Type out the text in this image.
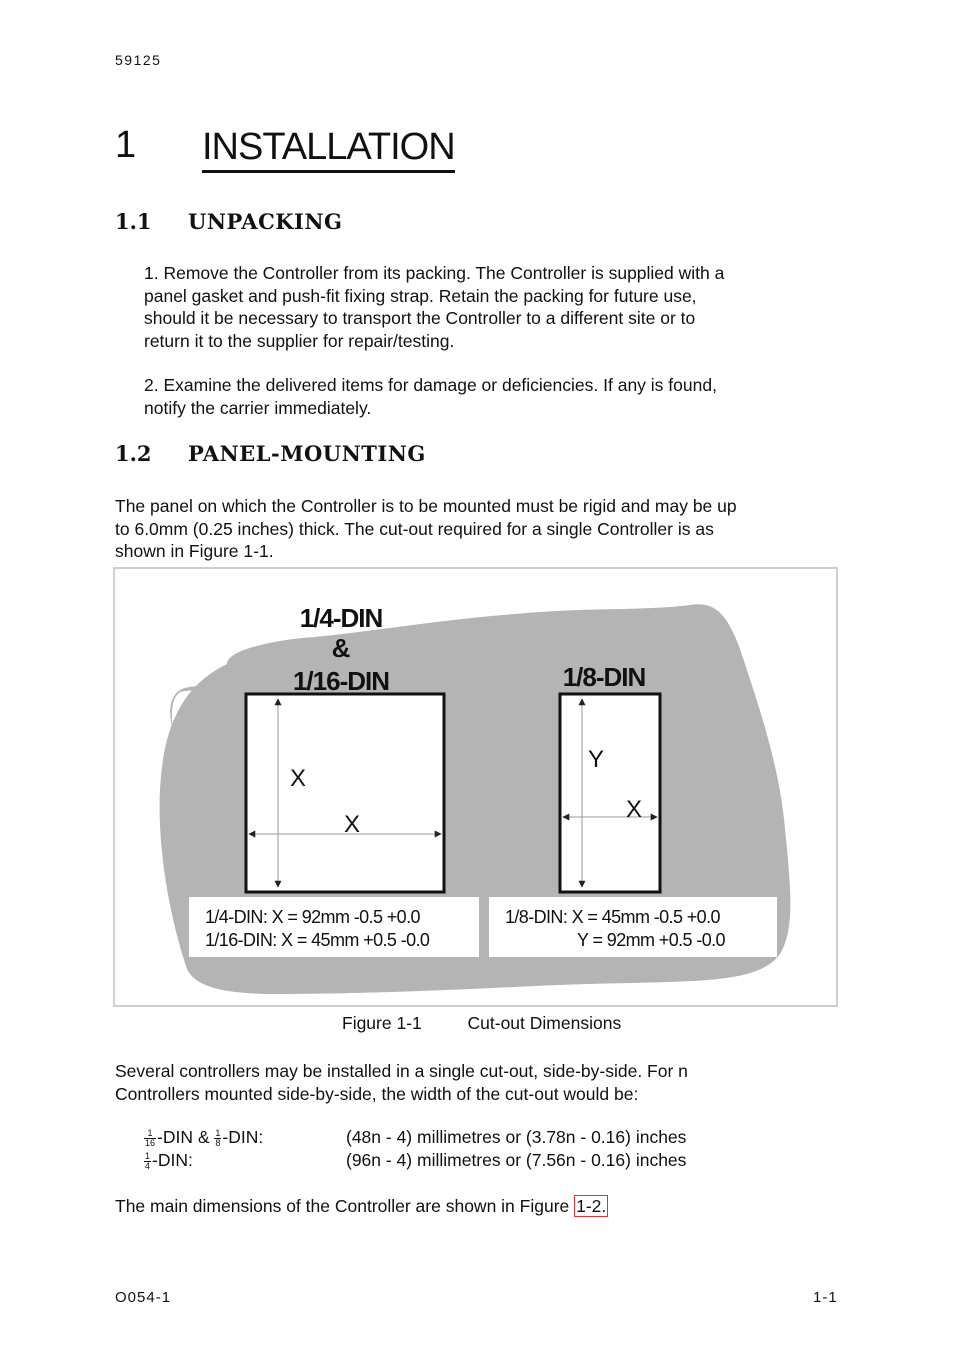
59125
1 INSTALLATION
1.1 UNPACKING

1. Remove the Controller from its packing. The Controller is supplied with a

panel gasket and push-fit fixing strap. Retain the packing for future use,

should it be necessary to transport the Controller to a different site or to

return it to the supplier for repair/testing.

2. Examine the delivered items for damage or deficiencies. If any is found,

notify the carrier immediately.

1.2 PANEL-MOUNTING

The panel on which the Controller is to be mounted must be rigid and may be up

to 6.0mm (0.25 inches) thick. The cut-out required for a single Controller is as

shown in Figure 1-1.

X
X
Y
X
1/4-DIN
&
1/16-DIN	1/8-DIN
1/4-DIN: X = 92mm -0.5 +0.0
1/16-DIN: X = 45mm +0.5 -0.0
1/8-DIN: X = 45mm -0.5 +0.0
Y = 92mm +0.5 -0.0
Figure 1-1	Cut-out Dimensions

Several controllers may be installed in a single cut-out, side-by-side. For n

Controllers mounted side-by-side, the width of the cut-out would be:

$\frac{1}{16} -DIN$ & $\frac{1}{8} -DIN$:	(48n - 4) millimetres or (3.78n - 0.16) inches
$\frac{1}{4} -DIN$:	(96n - 4) millimetres or (7.56n - 0.16) inches
The main dimensions of the Controller are shown in Figure 1-2.
O054-1	1-1
